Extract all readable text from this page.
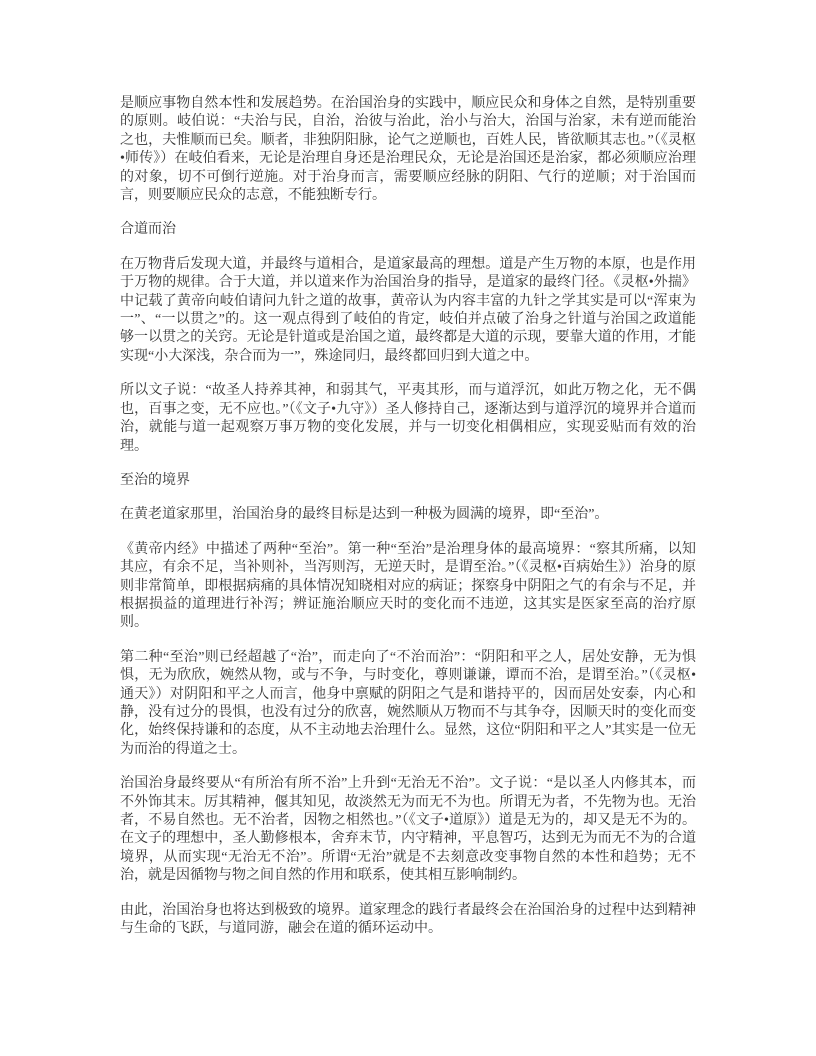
是顺应事物自然本性和发展趋势。在治国治身的实践中，顺应民众和身体之自然，是特别重要的原则。岐伯说：“夫治与民，自治，治彼与治此，治小与治大，治国与治家，未有逆而能治之也，夫惟顺而已矣。顺者，非独阴阳脉，论气之逆顺也，百姓人民，皆欲顺其志也。”（《灵枢•师传》）在岐伯看来，无论是治理自身还是治理民众，无论是治国还是治家，都必须顺应治理的对象，切不可倒行逆施。对于治身而言，需要顺应经脉的阴阳、气行的逆顺；对于治国而言，则要顺应民众的志意，不能独断专行。

合道而治

在万物背后发现大道，并最终与道相合，是道家最高的理想。道是产生万物的本原，也是作用于万物的规律。合于大道，并以道来作为治国治身的指导，是道家的最终门径。《灵枢•外揣》中记载了黄帝向岐伯请问九针之道的故事，黄帝认为内容丰富的九针之学其实是可以“浑束为一”、“一以贯之”的。这一观点得到了岐伯的肯定，岐伯并点破了治身之针道与治国之政道能够一以贯之的关窍。无论是针道或是治国之道，最终都是大道的示现，要靠大道的作用，才能实现“小大深浅，杂合而为一”，殊途同归，最终都回归到大道之中。

所以文子说：“故圣人持养其神，和弱其气，平夷其形，而与道浮沉，如此万物之化，无不偶也，百事之变，无不应也。”（《文子•九守》）圣人修持自己，逐渐达到与道浮沉的境界并合道而治，就能与道一起观察万事万物的变化发展，并与一切变化相偶相应，实现妥贴而有效的治理。

至治的境界

在黄老道家那里，治国治身的最终目标是达到一种极为圆满的境界，即“至治”。

《黄帝内经》中描述了两种“至治”。第一种“至治”是治理身体的最高境界：“察其所痛，以知其应，有余不足，当补则补，当泻则泻，无逆天时，是谓至治。”（《灵枢•百病始生》）治身的原则非常简单，即根据病痛的具体情况知晓相对应的病证；探察身中阴阳之气的有余与不足，并根据损益的道理进行补泻；辨证施治顺应天时的变化而不违逆，这其实是医家至高的治疗原则。

第二种“至治”则已经超越了“治”，而走向了“不治而治”：“阴阳和平之人，居处安静，无为惧惧，无为欣欣，婉然从物，或与不争，与时变化，尊则谦谦，谭而不治，是谓至治。”（《灵枢•通天》）对阴阳和平之人而言，他身中禀赋的阴阳之气是和谐持平的，因而居处安泰，内心和静，没有过分的畏惧，也没有过分的欣喜，婉然顺从万物而不与其争夺，因顺天时的变化而变化，始终保持谦和的态度，从不主动地去治理什么。显然，这位“阴阳和平之人”其实是一位无为而治的得道之士。

治国治身最终要从“有所治有所不治”上升到“无治无不治”。文子说：“是以圣人内修其本，而不外饰其末。厉其精神，偃其知见，故淡然无为而无不为也。所谓无为者，不先物为也。无治者，不易自然也。无不治者，因物之相然也。”（《文子•道原》）道是无为的，却又是无不为的。在文子的理想中，圣人勤修根本，舍弃末节，内守精神，平息智巧，达到无为而无不为的合道境界，从而实现“无治无不治”。所谓“无治”就是不去刻意改变事物自然的本性和趋势；无不治，就是因循物与物之间自然的作用和联系，使其相互影响制约。

由此，治国治身也将达到极致的境界。道家理念的践行者最终会在治国治身的过程中达到精神与生命的飞跃，与道同游，融会在道的循环运动中。
